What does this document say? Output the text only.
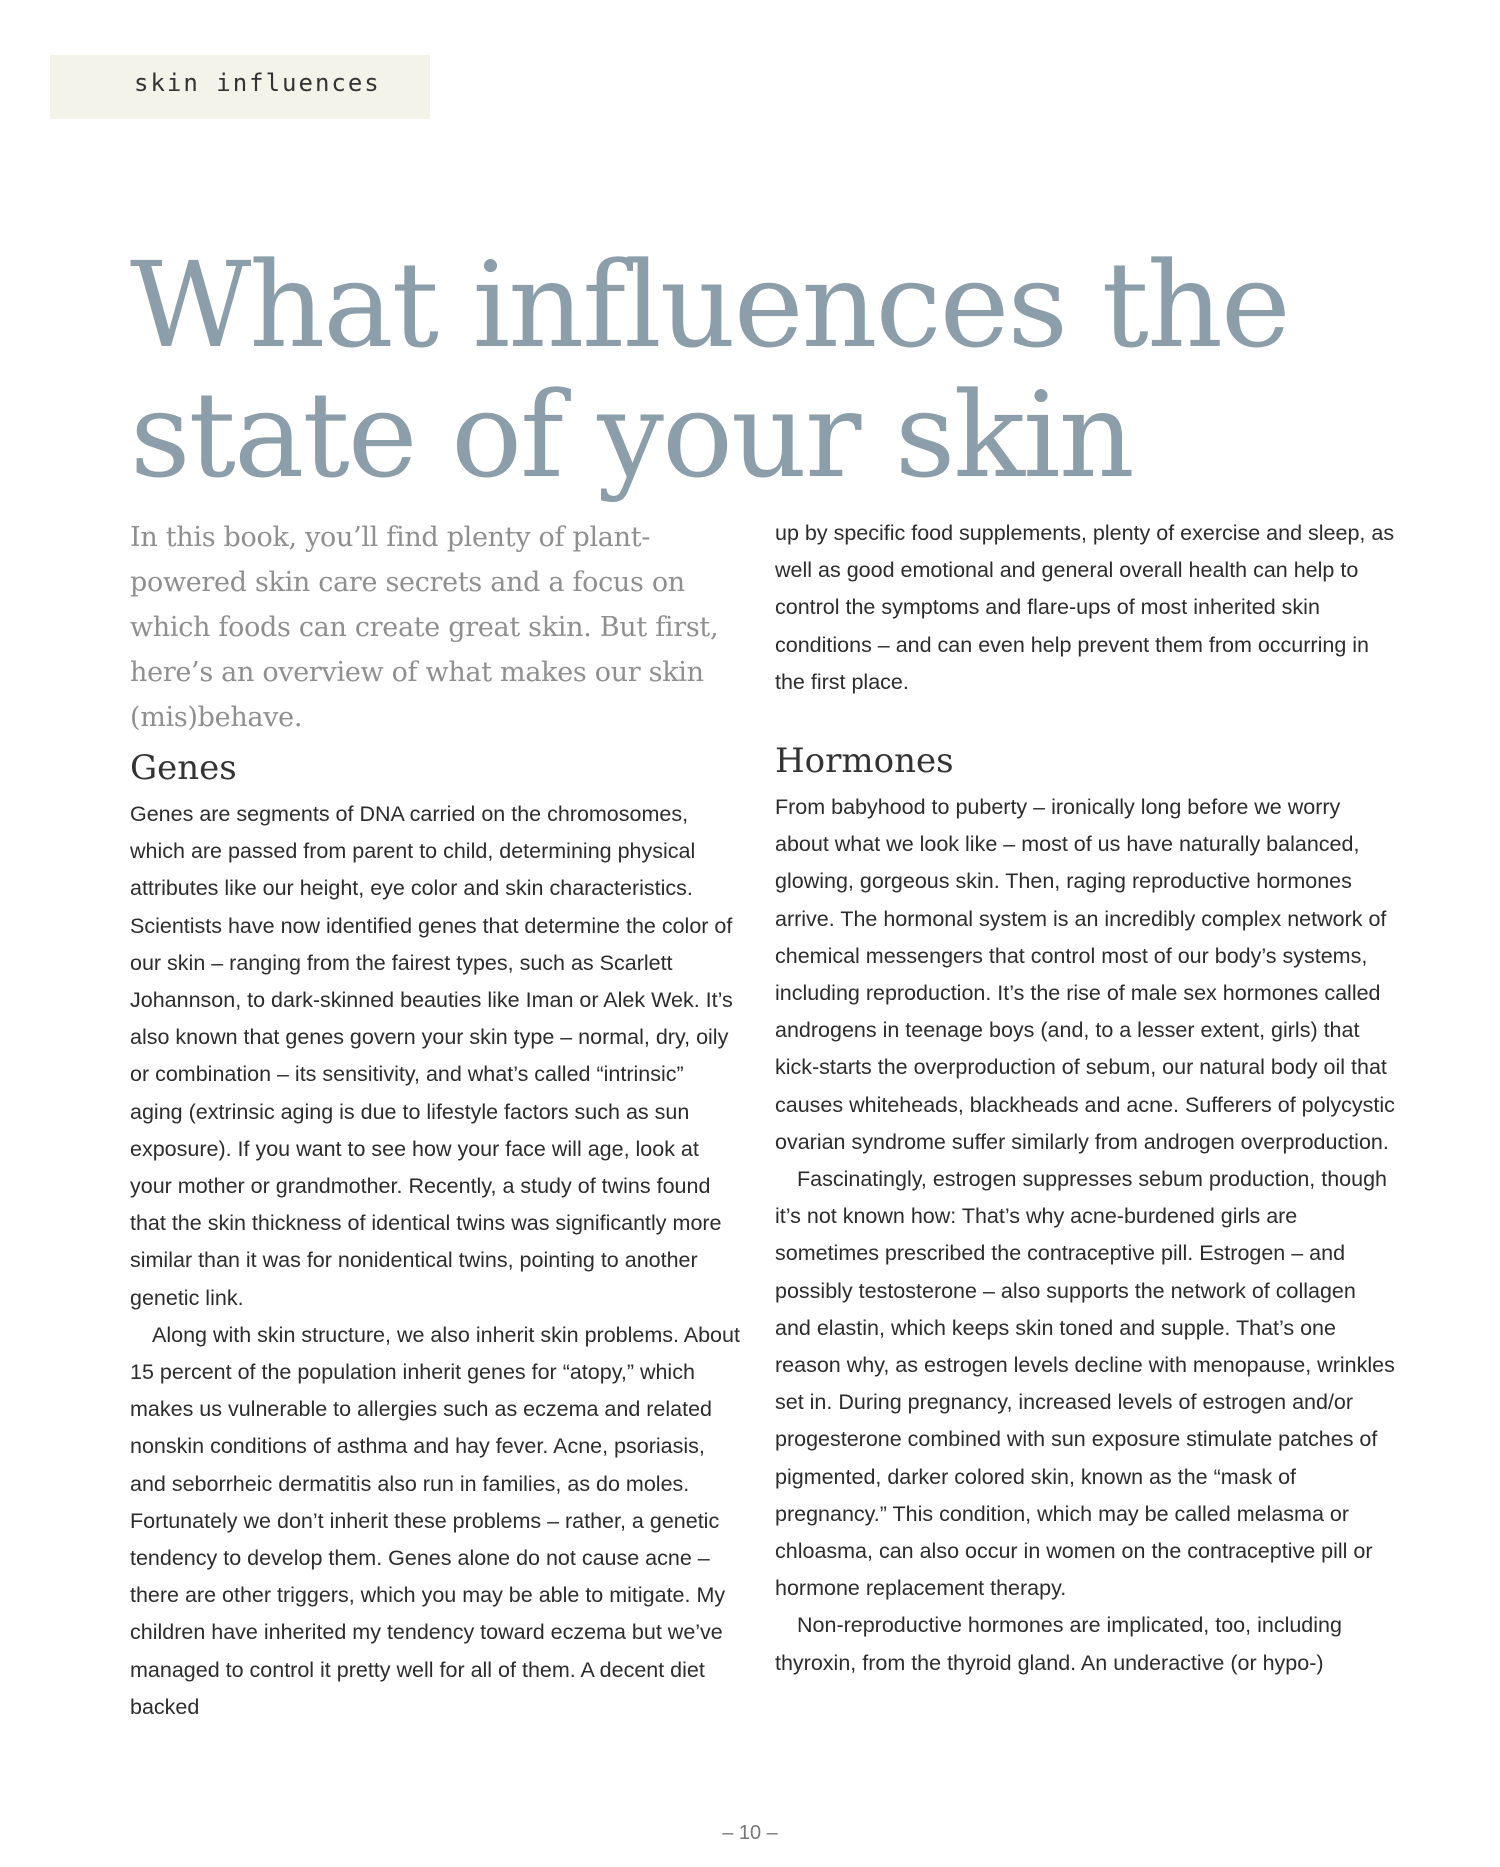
skin influences
What influences the state of your skin

In this book, you’ll find plenty of plant-powered skin care secrets and a focus on which foods can create great skin. But first, here’s an overview of what makes our skin (mis)behave.

Genes

Genes are segments of DNA carried on the chromosomes, which are passed from parent to child, determining physical attributes like our height, eye color and skin characteristics. Scientists have now identified genes that determine the color of our skin – ranging from the fairest types, such as Scarlett Johannson, to dark-skinned beauties like Iman or Alek Wek. It’s also known that genes govern your skin type – normal, dry, oily or combination – its sensitivity, and what’s called “intrinsic” aging (extrinsic aging is due to lifestyle factors such as sun exposure). If you want to see how your face will age, look at your mother or grandmother. Recently, a study of twins found that the skin thickness of identical twins was significantly more similar than it was for nonidentical twins, pointing to another genetic link.

Along with skin structure, we also inherit skin problems. About 15 percent of the population inherit genes for “atopy,” which makes us vulnerable to allergies such as eczema and related nonskin conditions of asthma and hay fever. Acne, psoriasis, and seborrheic dermatitis also run in families, as do moles. Fortunately we don’t inherit these problems – rather, a genetic tendency to develop them. Genes alone do not cause acne – there are other triggers, which you may be able to mitigate. My children have inherited my tendency toward eczema but we’ve managed to control it pretty well for all of them. A decent diet backed

up by specific food supplements, plenty of exercise and sleep, as well as good emotional and general overall health can help to control the symptoms and flare-ups of most inherited skin conditions – and can even help prevent them from occurring in the first place.

Hormones

From babyhood to puberty – ironically long before we worry about what we look like – most of us have naturally balanced, glowing, gorgeous skin. Then, raging reproductive hormones arrive. The hormonal system is an incredibly complex network of chemical messengers that control most of our body’s systems, including reproduction. It’s the rise of male sex hormones called androgens in teenage boys (and, to a lesser extent, girls) that kick-starts the overproduction of sebum, our natural body oil that causes whiteheads, blackheads and acne. Sufferers of polycystic ovarian syndrome suffer similarly from androgen overproduction.

Fascinatingly, estrogen suppresses sebum production, though it’s not known how: That’s why acne-burdened girls are sometimes prescribed the contraceptive pill. Estrogen – and possibly testosterone – also supports the network of collagen and elastin, which keeps skin toned and supple. That’s one reason why, as estrogen levels decline with menopause, wrinkles set in. During pregnancy, increased levels of estrogen and/or progesterone combined with sun exposure stimulate patches of pigmented, darker colored skin, known as the “mask of pregnancy.” This condition, which may be called melasma or chloasma, can also occur in women on the contraceptive pill or hormone replacement therapy.

Non-reproductive hormones are implicated, too, including thyroxin, from the thyroid gland. An underactive (or hypo-)

– 10 –
